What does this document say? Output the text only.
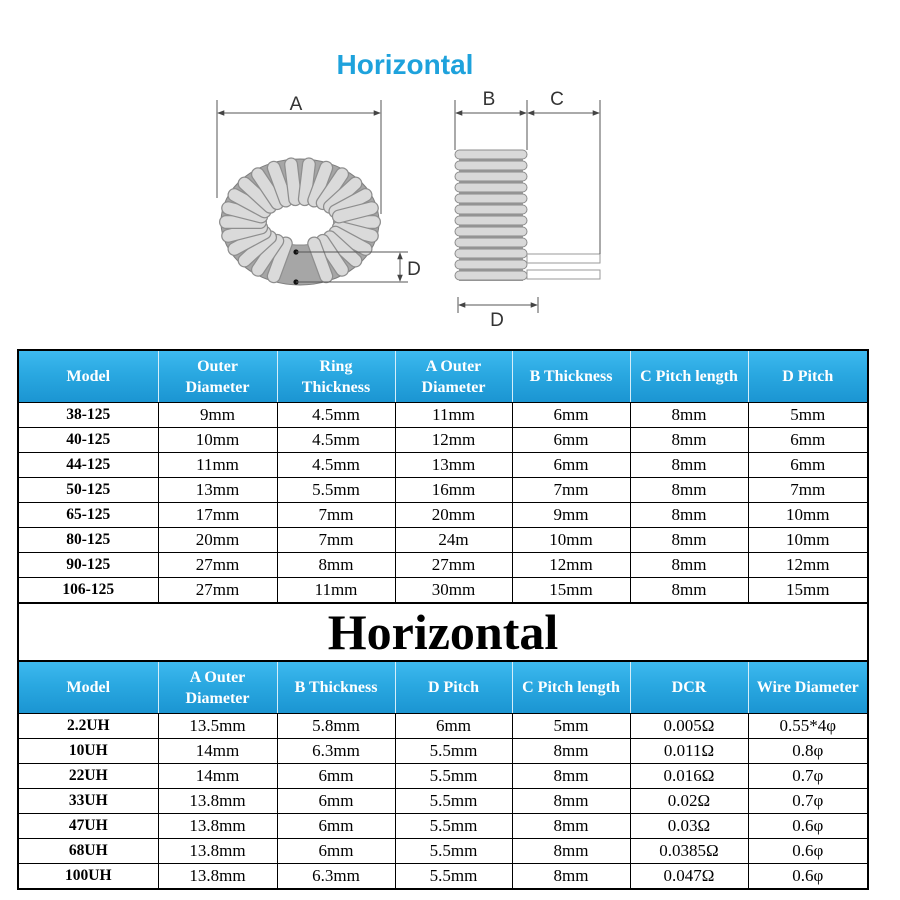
Horizontal
A
D
B	C
D
Model	Outer Diameter	Ring Thickness	A Outer Diameter	B Thickness	C Pitch length	D Pitch
38-125	9mm	4.5mm	11mm	6mm	8mm	5mm
40-125	10mm	4.5mm	12mm	6mm	8mm	6mm
44-125	11mm	4.5mm	13mm	6mm	8mm	6mm
50-125	13mm	5.5mm	16mm	7mm	8mm	7mm
65-125	17mm	7mm	20mm	9mm	8mm	10mm
80-125	20mm	7mm	24m	10mm	8mm	10mm
90-125	27mm	8mm	27mm	12mm	8mm	12mm
106-125	27mm	11mm	30mm	15mm	8mm	15mm
Horizontal
Model	A Outer Diameter	B Thickness	D Pitch	C Pitch length	DCR	Wire Diameter
2.2UH	13.5mm	5.8mm	6mm	5mm	0.005Ω	0.55*4φ
10UH	14mm	6.3mm	5.5mm	8mm	0.011Ω	0.8φ
22UH	14mm	6mm	5.5mm	8mm	0.016Ω	0.7φ
33UH	13.8mm	6mm	5.5mm	8mm	0.02Ω	0.7φ
47UH	13.8mm	6mm	5.5mm	8mm	0.03Ω	0.6φ
68UH	13.8mm	6mm	5.5mm	8mm	0.0385Ω	0.6φ
100UH	13.8mm	6.3mm	5.5mm	8mm	0.047Ω	0.6φ
